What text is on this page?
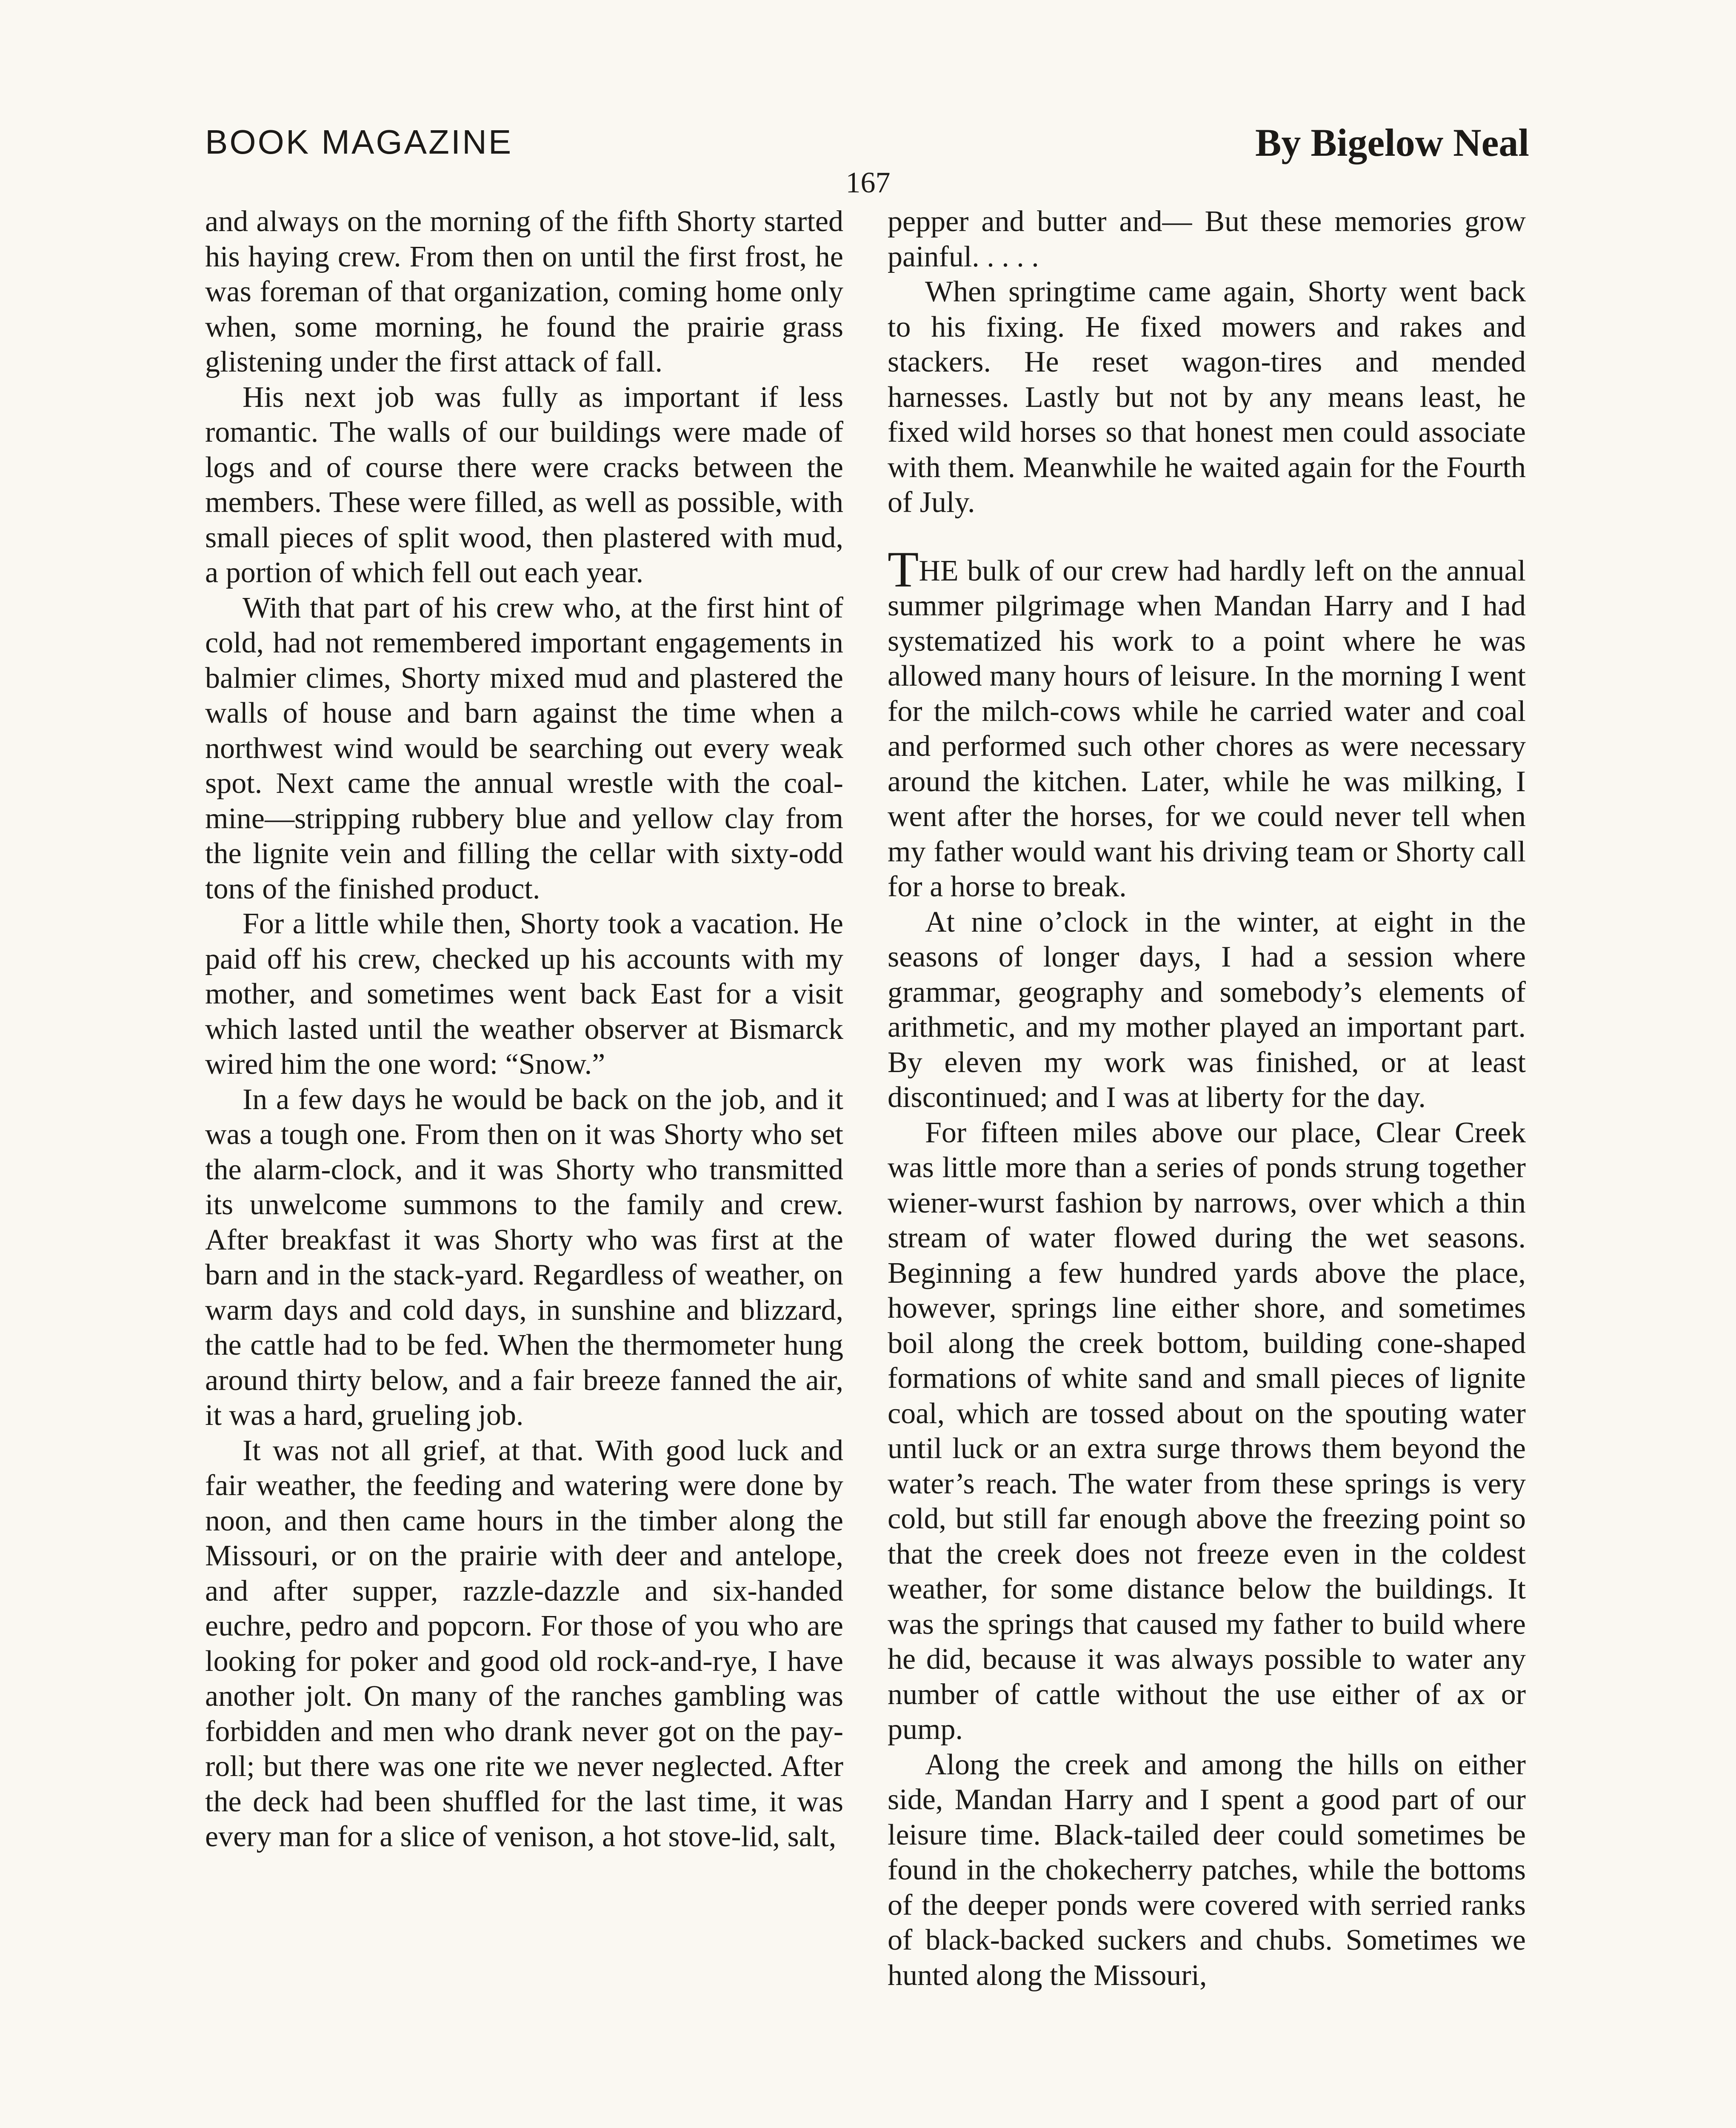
BOOK MAGAZINE	By Bigelow Neal
167

and always on the morning of the fifth Shorty started his haying crew. From then on until the first frost, he was foreman of that organization, coming home only when, some morning, he found the prairie grass glistening under the first attack of fall.

His next job was fully as important if less romantic. The walls of our buildings were made of logs and of course there were cracks between the members. These were filled, as well as possible, with small pieces of split wood, then plastered with mud, a portion of which fell out each year.

With that part of his crew who, at the first hint of cold, had not remembered important engagements in balmier climes, Shorty mixed mud and plastered the walls of house and barn against the time when a northwest wind would be searching out every weak spot. Next came the annual wrestle with the coal-mine—stripping rubbery blue and yellow clay from the lignite vein and filling the cellar with sixty-odd tons of the finished product.

For a little while then, Shorty took a vacation. He paid off his crew, checked up his accounts with my mother, and sometimes went back East for a visit which lasted until the weather observer at Bismarck wired him the one word: “Snow.”

In a few days he would be back on the job, and it was a tough one. From then on it was Shorty who set the alarm-clock, and it was Shorty who transmitted its unwelcome summons to the family and crew. After breakfast it was Shorty who was first at the barn and in the stack-yard. Regardless of weather, on warm days and cold days, in sunshine and blizzard, the cattle had to be fed. When the thermometer hung around thirty below, and a fair breeze fanned the air, it was a hard, grueling job.

It was not all grief, at that. With good luck and fair weather, the feeding and watering were done by noon, and then came hours in the timber along the Missouri, or on the prairie with deer and antelope, and after supper, razzle-dazzle and six-handed euchre, pedro and popcorn. For those of you who are looking for poker and good old rock-and-rye, I have another jolt. On many of the ranches gambling was forbidden and men who drank never got on the pay-roll; but there was one rite we never neglected. After the deck had been shuffled for the last time, it was every man for a slice of venison, a hot stove-lid, salt,

pepper and butter and— But these memories grow painful. . . . .

When springtime came again, Shorty went back to his fixing. He fixed mowers and rakes and stackers. He reset wagon-tires and mended harnesses. Lastly but not by any means least, he fixed wild horses so that honest men could associate with them. Meanwhile he waited again for the Fourth of July.

THE bulk of our crew had hardly left on the annual summer pilgrimage when Mandan Harry and I had systematized his work to a point where he was allowed many hours of leisure. In the morning I went for the milch-cows while he carried water and coal and performed such other chores as were necessary around the kitchen. Later, while he was milking, I went after the horses, for we could never tell when my father would want his driving team or Shorty call for a horse to break.

At nine o’clock in the winter, at eight in the seasons of longer days, I had a session where grammar, geography and somebody’s elements of arithmetic, and my mother played an important part. By eleven my work was finished, or at least discontinued; and I was at liberty for the day.

For fifteen miles above our place, Clear Creek was little more than a series of ponds strung together wiener-wurst fashion by narrows, over which a thin stream of water flowed during the wet seasons. Beginning a few hundred yards above the place, however, springs line either shore, and sometimes boil along the creek bottom, building cone-shaped formations of white sand and small pieces of lignite coal, which are tossed about on the spouting water until luck or an extra surge throws them beyond the water’s reach. The water from these springs is very cold, but still far enough above the freezing point so that the creek does not freeze even in the coldest weather, for some distance below the buildings. It was the springs that caused my father to build where he did, because it was always possible to water any number of cattle without the use either of ax or pump.

Along the creek and among the hills on either side, Mandan Harry and I spent a good part of our leisure time. Black-tailed deer could sometimes be found in the chokecherry patches, while the bottoms of the deeper ponds were covered with serried ranks of black-backed suckers and chubs. Sometimes we hunted along the Missouri,
